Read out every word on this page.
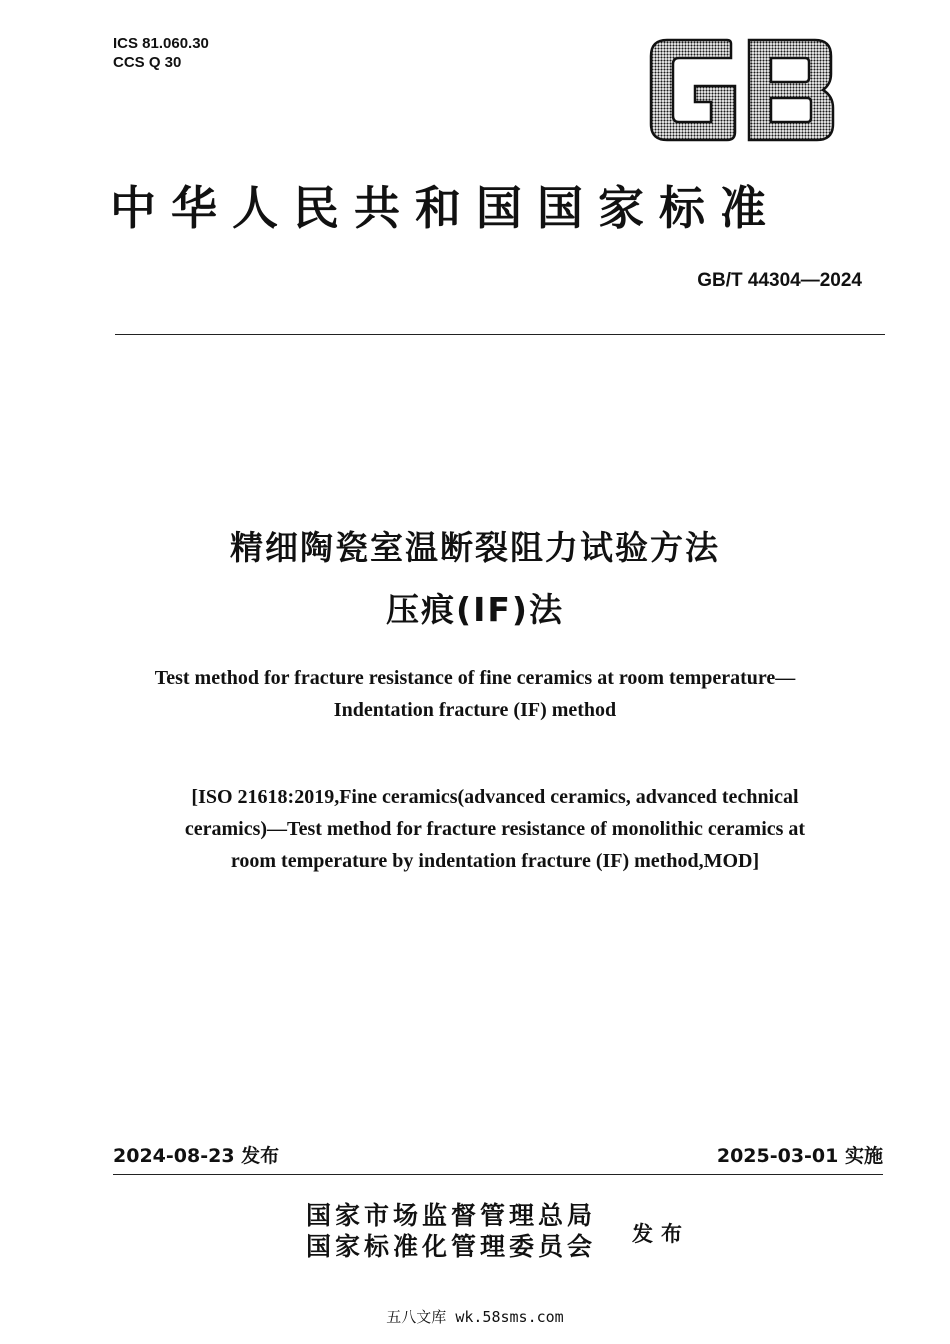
ICS 81.060.30
CCS Q 30
中华人民共和国国家标准
GB/T 44304—2024
精细陶瓷室温断裂阻力试验方法
压痕(IF)法
Test method for fracture resistance of fine ceramics at room temperature—
Indentation fracture (IF) method
[ISO 21618:2019,Fine ceramics(advanced ceramics, advanced technical
ceramics)—Test method for fracture resistance of monolithic ceramics at
room temperature by indentation fracture (IF) method,MOD]
2024-08-23 发布	2025-03-01 实施
国家市场监督管理总局
国家标准化管理委员会 发布
五八文库 wk.58sms.com
